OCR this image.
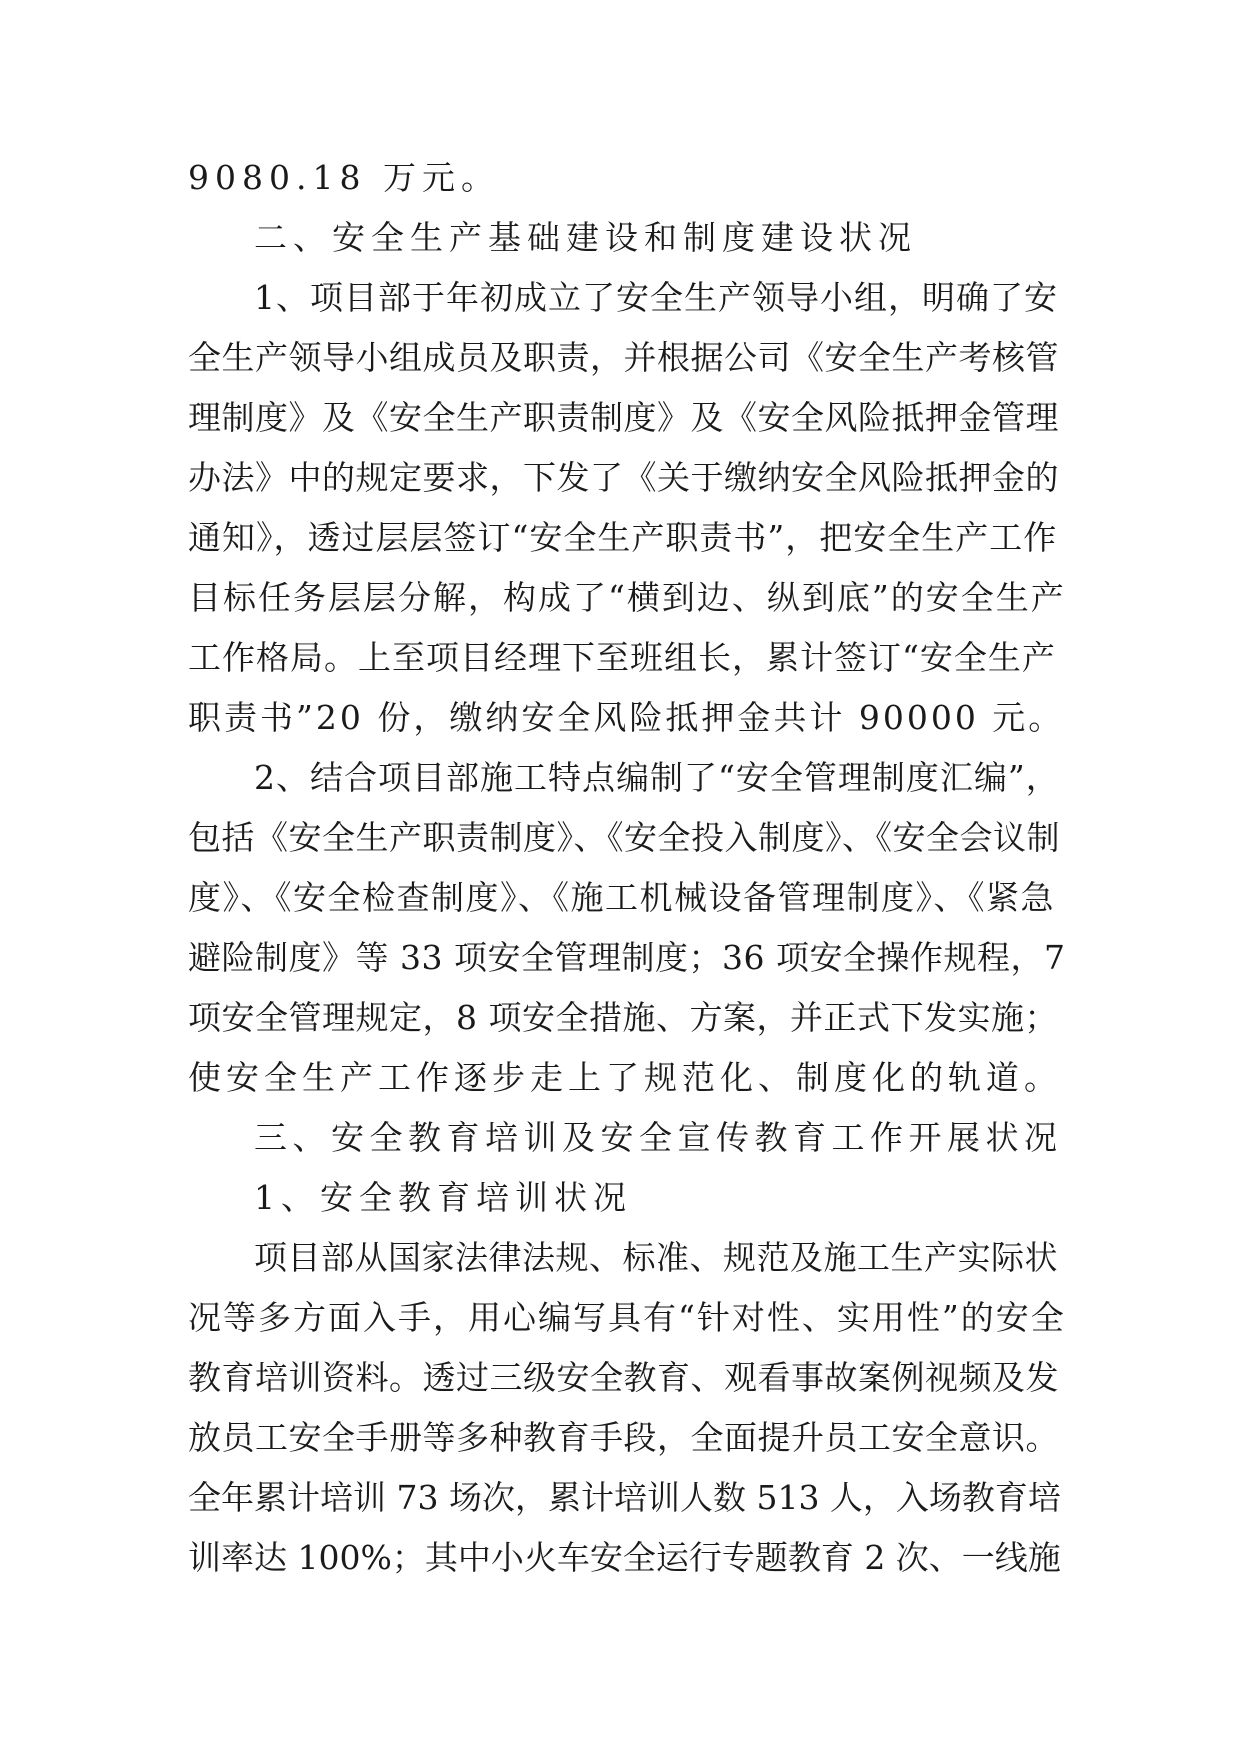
9080.18 万元。

二、安全生产基础建设和制度建设状况

1、项目部于年初成立了安全生产领导小组，明确了安

全生产领导小组成员及职责，并根据公司《安全生产考核管

理制度》及《安全生产职责制度》及《安全风险抵押金管理

办法》中的规定要求，下发了《关于缴纳安全风险抵押金的

通知》，透过层层签订“安全生产职责书”，把安全生产工作

目标任务层层分解，构成了“横到边、纵到底”的安全生产

工作格局。上至项目经理下至班组长，累计签订“安全生产

职责书”20 份，缴纳安全风险抵押金共计 90000 元。

2、结合项目部施工特点编制了“安全管理制度汇编”，

包括《安全生产职责制度》、《安全投入制度》、《安全会议制

度》、《安全检查制度》、《施工机械设备管理制度》、《紧急

避险制度》等 33 项安全管理制度；36 项安全操作规程，7

项安全管理规定，8 项安全措施、方案，并正式下发实施；

使安全生产工作逐步走上了规范化、制度化的轨道。

三、安全教育培训及安全宣传教育工作开展状况

1、安全教育培训状况

项目部从国家法律法规、标准、规范及施工生产实际状

况等多方面入手，用心编写具有“针对性、实用性”的安全

教育培训资料。透过三级安全教育、观看事故案例视频及发

放员工安全手册等多种教育手段，全面提升员工安全意识。

全年累计培训 73 场次，累计培训人数 513 人，入场教育培

训率达 100%；其中小火车安全运行专题教育 2 次、一线施
